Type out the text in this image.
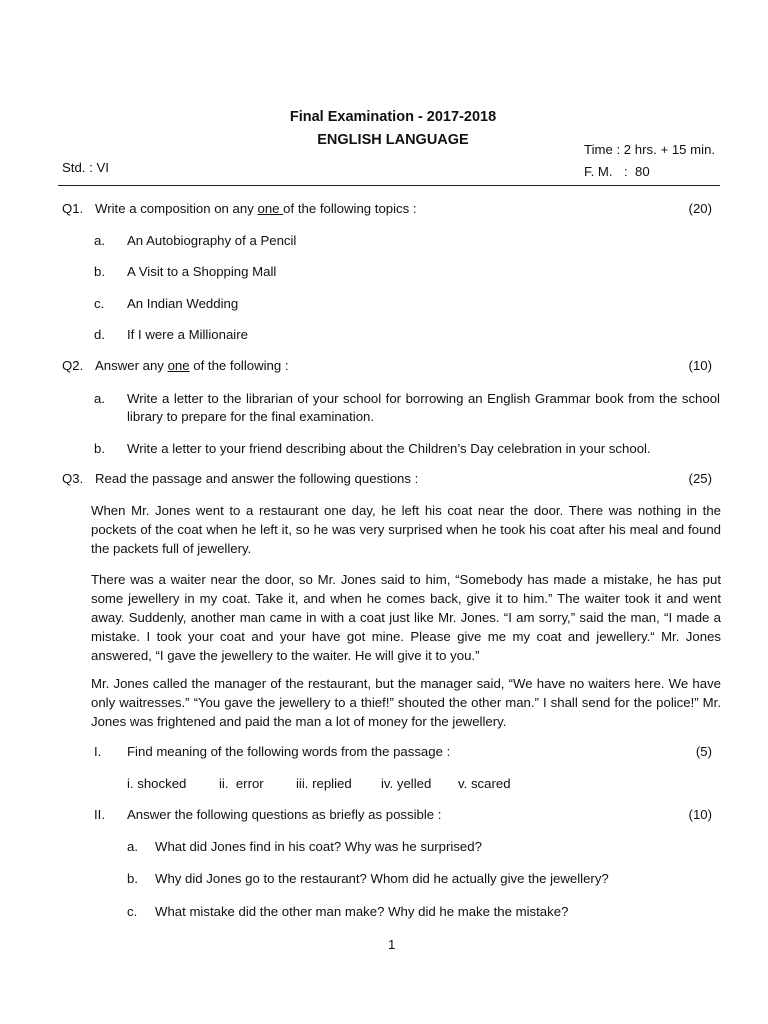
Final Examination - 2017-2018
ENGLISH LANGUAGE
Time : 2 hrs. + 15 min.
Std. : VI	F. M. :  80
Q1. Write a composition on any one of the following topics :	(20)
a. An Autobiography of a Pencil
b. A Visit to a Shopping Mall
c. An Indian Wedding
d. If I were a Millionaire
Q2. Answer any one of the following :	(10)
a. Write a letter to the librarian of your school for borrowing an English Grammar book from the school library to prepare for the final examination.
b. Write a letter to your friend describing about the Children’s Day celebration in your school.
Q3. Read the passage and answer the following questions :	(25)
When Mr. Jones went to a restaurant one day, he left his coat near the door. There was nothing in the pockets of the coat when he left it, so he was very surprised when he took his coat after his meal and found the packets full of jewellery.
There was a waiter near the door, so Mr. Jones said to him, “Somebody has made a mistake, he has put some jewellery in my coat. Take it, and when he comes back, give it to him.” The waiter took it and went away. Suddenly, another man came in with a coat just like Mr. Jones. “I am sorry,” said the man, “I made a mistake. I took your coat and your have got mine. Please give me my coat and jewellery.“ Mr. Jones answered, “I gave the jewellery to the waiter. He will give it to you.”
Mr. Jones called the manager of the restaurant, but the manager said, “We have no waiters here. We have only waitresses.” “You gave the jewellery to a thief!” shouted the other man.” I shall send for the police!” Mr. Jones was frightened and paid the man a lot of money for the jewellery.
I. Find meaning of the following words from the passage :	(5)
i. shocked ii.  error iii. replied iv. yelled v. scared
II. Answer the following questions as briefly as possible :	(10)
a. What did Jones find in his coat? Why was he surprised?
b. Why did Jones go to the restaurant? Whom did he actually give the jewellery?
c. What mistake did the other man make? Why did he make the mistake?
1
